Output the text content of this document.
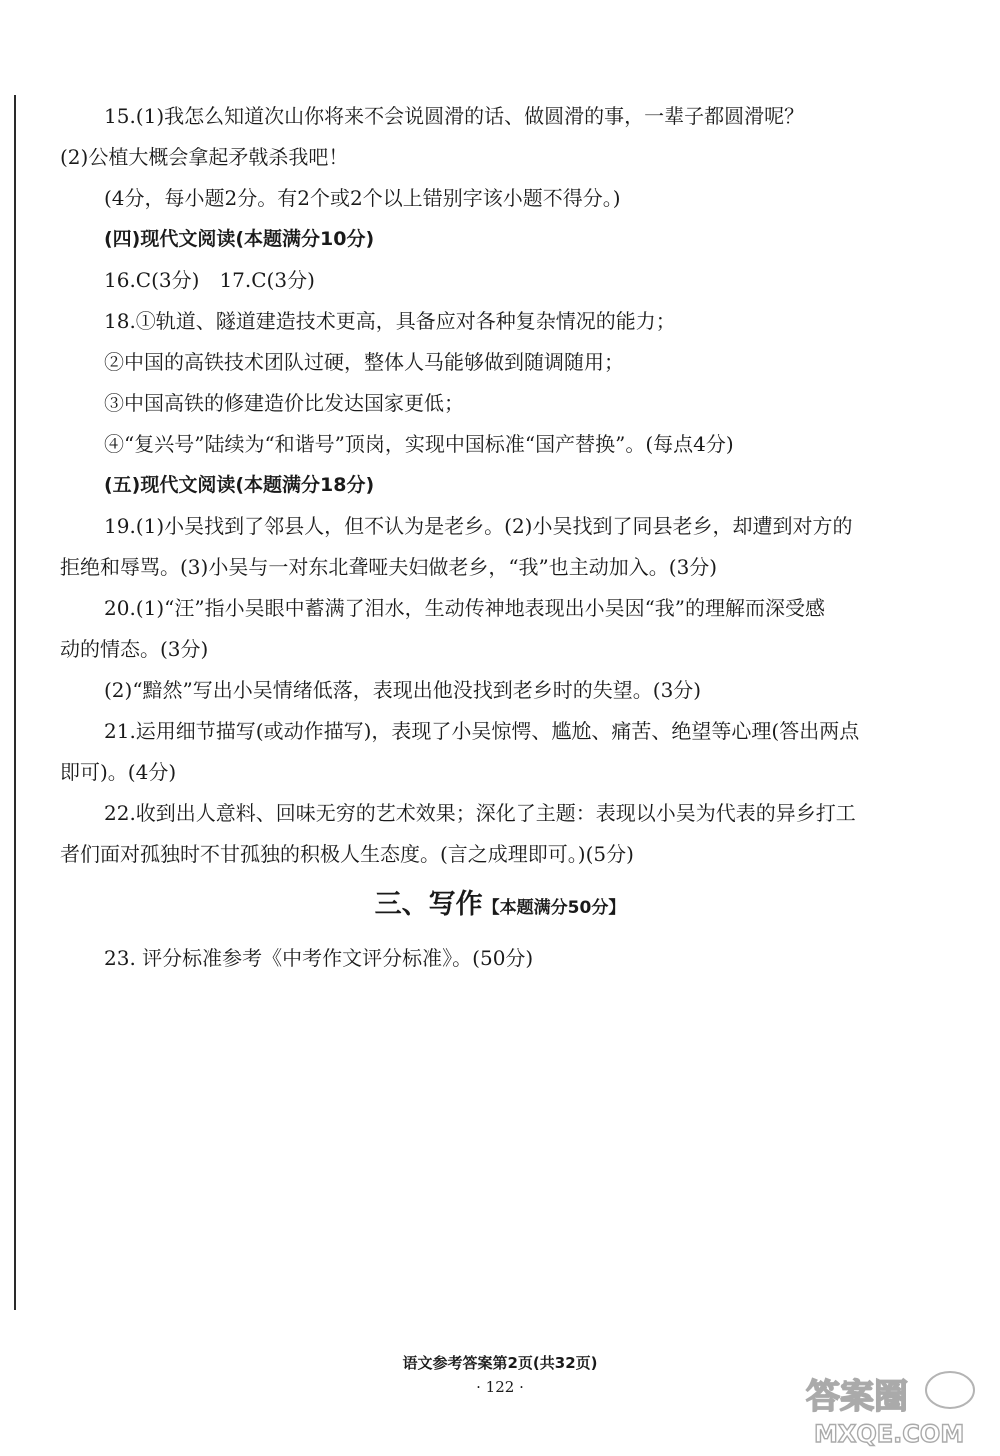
15.(1)我怎么知道次山你将来不会说圆滑的话、做圆滑的事，一辈子都圆滑呢？
(2)公植大概会拿起矛戟杀我吧！
(4分，每小题2分。有2个或2个以上错别字该小题不得分。)
(四)现代文阅读(本题满分10分)
16.C(3分)　17.C(3分)
18.①轨道、隧道建造技术更高，具备应对各种复杂情况的能力；
②中国的高铁技术团队过硬，整体人马能够做到随调随用；
③中国高铁的修建造价比发达国家更低；
④“复兴号”陆续为“和谐号”顶岗，实现中国标准“国产替换”。(每点4分)
(五)现代文阅读(本题满分18分)
19.(1)小吴找到了邻县人，但不认为是老乡。(2)小吴找到了同县老乡，却遭到对方的
拒绝和辱骂。(3)小吴与一对东北聋哑夫妇做老乡，“我”也主动加入。(3分)
20.(1)“汪”指小吴眼中蓄满了泪水，生动传神地表现出小吴因“我”的理解而深受感
动的情态。(3分)
(2)“黯然”写出小吴情绪低落，表现出他没找到老乡时的失望。(3分)
21.运用细节描写(或动作描写)，表现了小吴惊愕、尴尬、痛苦、绝望等心理(答出两点
即可)。(4分)
22.收到出人意料、回味无穷的艺术效果；深化了主题：表现以小吴为代表的异乡打工
者们面对孤独时不甘孤独的积极人生态度。(言之成理即可。)(5分)
三、写作【本题满分50分】
23. 评分标准参考《中考作文评分标准》。(50分)
语文参考答案第2页(共32页)
· 122 ·	答案圈
MXQE.COM
